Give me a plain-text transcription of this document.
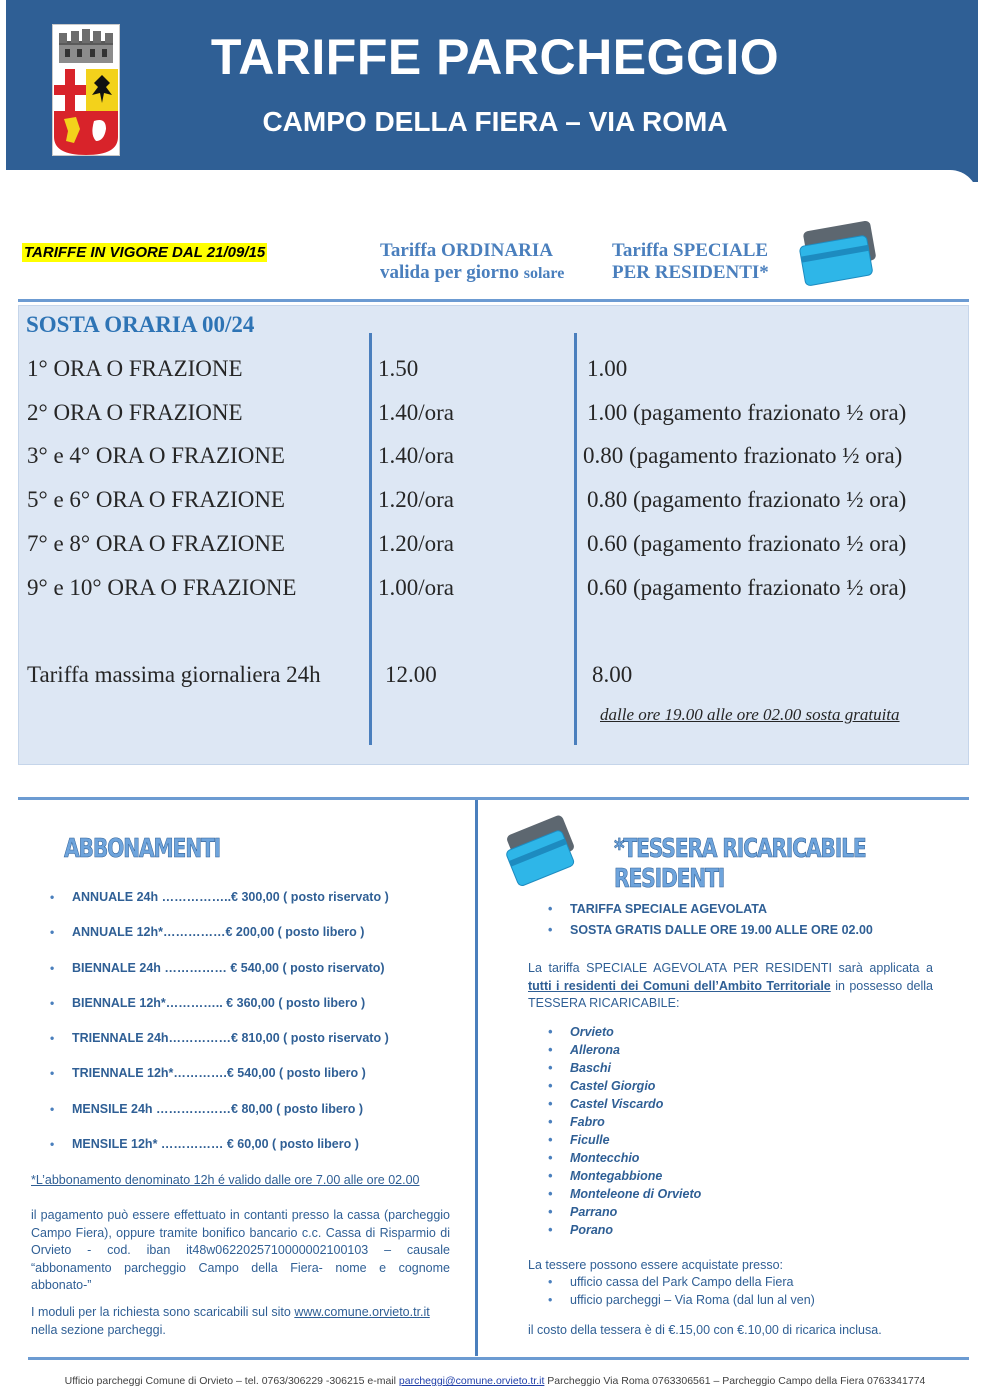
TARIFFE PARCHEGGIO
CAMPO DELLA FIERA – VIA ROMA
TARIFFE IN VIGORE DAL 21/09/15	Tariffa ORDINARIA
valida per giorno solare
Tariffa SPECIALE
PER RESIDENTI*
SOSTA ORARIA 00/24
1° ORA O FRAZIONE	1.50	1.00
2° ORA O FRAZIONE	1.40/ora	1.00 (pagamento frazionato ½ ora)
3° e 4° ORA O FRAZIONE	1.40/ora	0.80 (pagamento frazionato ½ ora)
5° e 6° ORA O FRAZIONE	1.20/ora	0.80 (pagamento frazionato ½ ora)
7° e 8° ORA O FRAZIONE	1.20/ora	0.60 (pagamento frazionato ½ ora)
9° e 10° ORA O FRAZIONE	1.00/ora	0.60 (pagamento frazionato ½ ora)
Tariffa massima giornaliera 24h	12.00	8.00
dalle ore 19.00 alle ore 02.00 sosta gratuita
ABBONAMENTI
• ANNUALE 24h ……………..€ 300,00 ( posto riservato )
• ANNUALE 12h*……………€ 200,00 ( posto libero )
• BIENNALE 24h …………… € 540,00 ( posto riservato)
• BIENNALE 12h*………….. € 360,00 ( posto libero )
• TRIENNALE 24h……………€ 810,00 ( posto riservato )
• TRIENNALE 12h*………….€ 540,00 ( posto libero )
• MENSILE 24h ………………€ 80,00 ( posto libero )
• MENSILE 12h* …………… € 60,00 ( posto libero )
*L’abbonamento denominato 12h é valido dalle ore 7.00 alle ore 02.00
il pagamento può essere effettuato in contanti presso la cassa (parcheggio Campo Fiera), oppure tramite bonifico bancario c.c. Cassa di Risparmio di Orvieto - cod. iban it48w0622025710000002100103 – causale “abbonamento parcheggio Campo della Fiera- nome e cognome abbonato-”
I moduli per la richiesta sono scaricabili sul sito www.comune.orvieto.tr.it
nella sezione parcheggi.
*TESSERA RICARICABILE RESIDENTI
• TARIFFA SPECIALE AGEVOLATA
• SOSTA GRATIS DALLE ORE 19.00 ALLE ORE 02.00
La tariffa SPECIALE AGEVOLATA PER RESIDENTI sarà applicata a tutti i residenti dei Comuni dell’Ambito Territoriale in possesso della TESSERA RICARICABILE:
• Orvieto
• Allerona
• Baschi
• Castel Giorgio
• Castel Viscardo
• Fabro
• Ficulle
• Montecchio
• Montegabbione
• Monteleone di Orvieto
• Parrano
• Porano
La tessere possono essere acquistate presso:
• ufficio cassa del Park Campo della Fiera
• ufficio parcheggi – Via Roma (dal lun al ven)
il costo della tessera è di €.15,00 con €.10,00 di ricarica inclusa.
Ufficio parcheggi Comune di Orvieto – tel. 0763/306229 -306215 e-mail parcheggi@comune.orvieto.tr.it Parcheggio Via Roma 0763306561 – Parcheggio Campo della Fiera 0763341774
